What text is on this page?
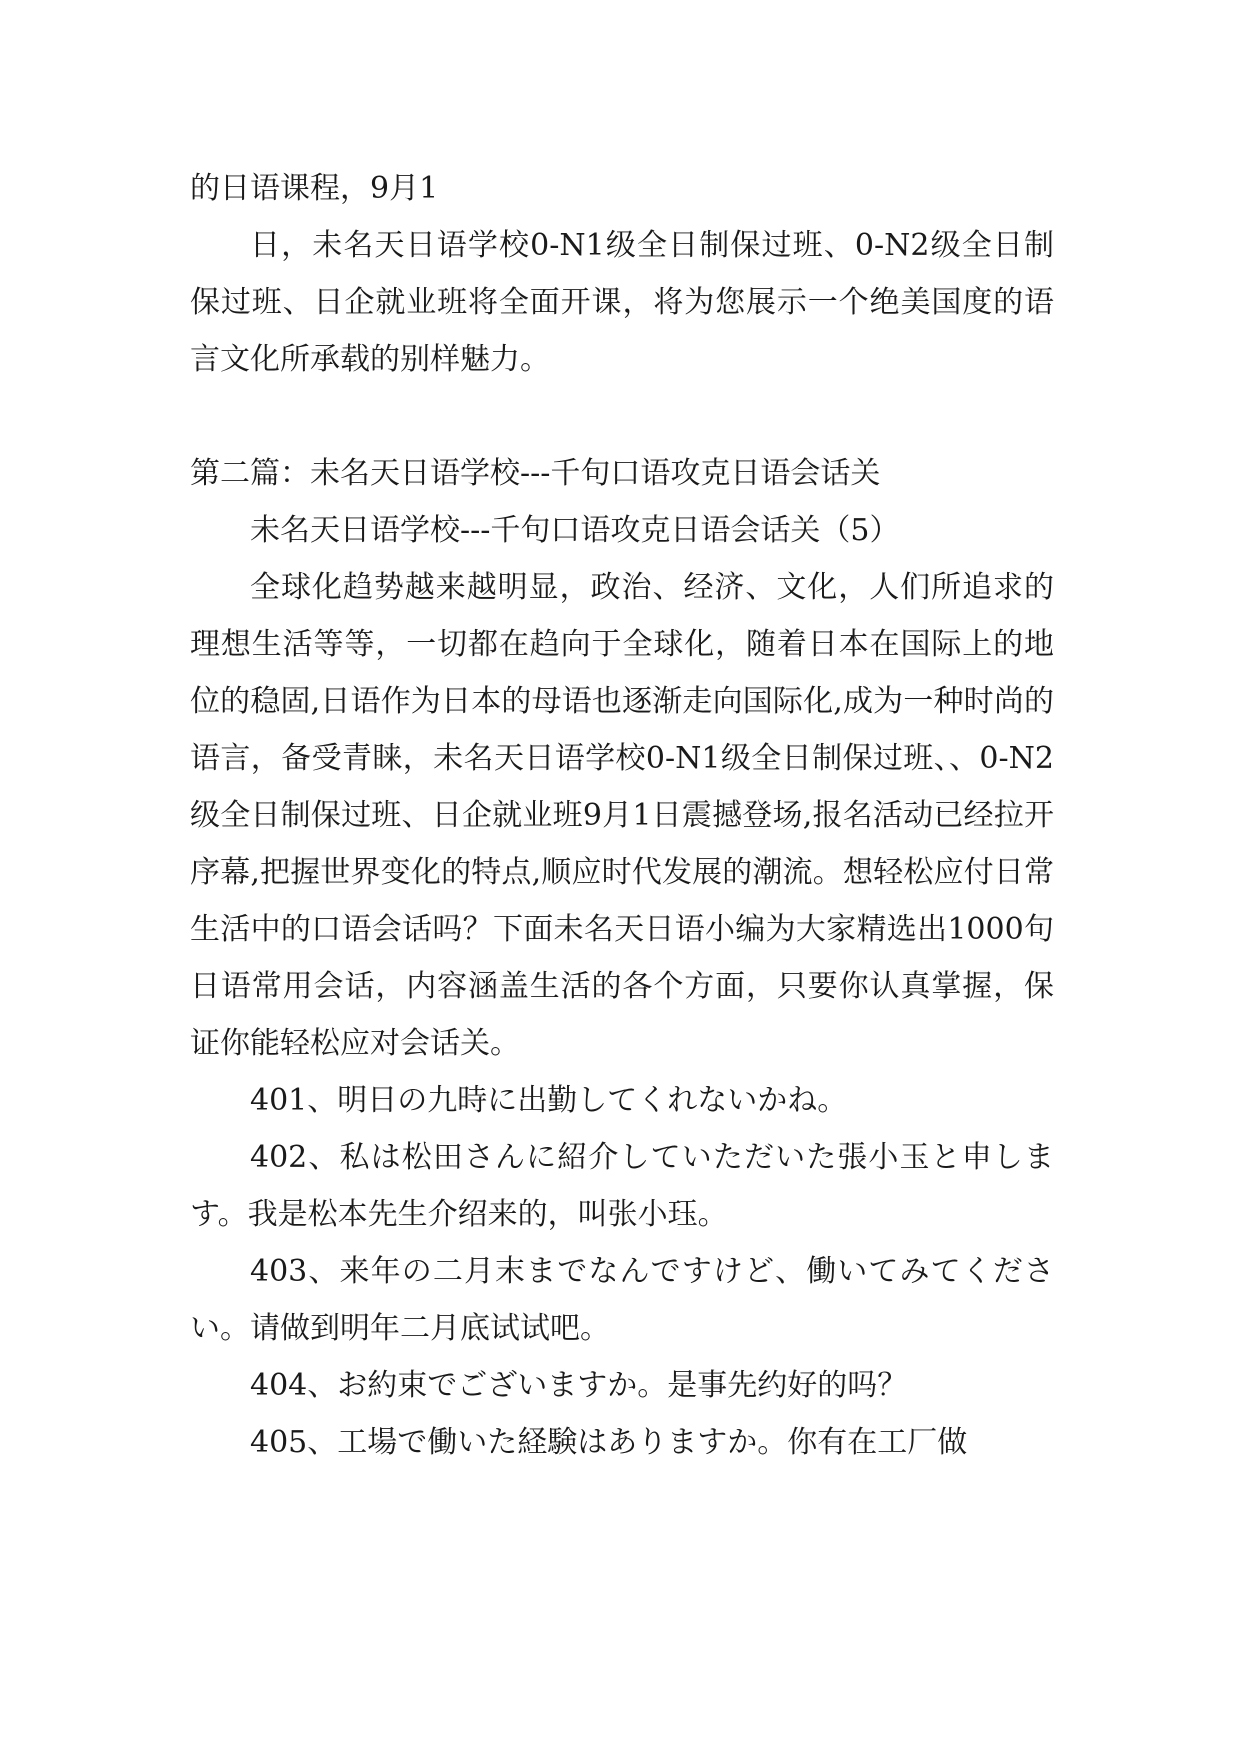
的日语课程，9月1

日，未名天日语学校0-N1级全日制保过班、0-N2级全日制保过班、日企就业班将全面开课，将为您展示一个绝美国度的语言文化所承载的别样魅力。

第二篇：未名天日语学校---千句口语攻克日语会话关

未名天日语学校---千句口语攻克日语会话关（5）

全球化趋势越来越明显，政治、经济、文化，人们所追求的理想生活等等，一切都在趋向于全球化，随着日本在国际上的地位的稳固,日语作为日本的母语也逐渐走向国际化,成为一种时尚的语言，备受青睐，未名天日语学校0-N1级全日制保过班、、0-N2级全日制保过班、日企就业班9月1日震撼登场,报名活动已经拉开序幕,把握世界变化的特点,顺应时代发展的潮流。想轻松应付日常生活中的口语会话吗？下面未名天日语小编为大家精选出1000句日语常用会话，内容涵盖生活的各个方面，只要你认真掌握，保证你能轻松应对会话关。

401、明日の九時に出勤してくれないかね。

402、私は松田さんに紹介していただいた張小玉と申します。我是松本先生介绍来的，叫张小珏。

403、来年の二月末までなんですけど、働いてみてください。请做到明年二月底试试吧。

404、お約束でございますか。是事先约好的吗？

405、工場で働いた経験はありますか。你有在工厂做
